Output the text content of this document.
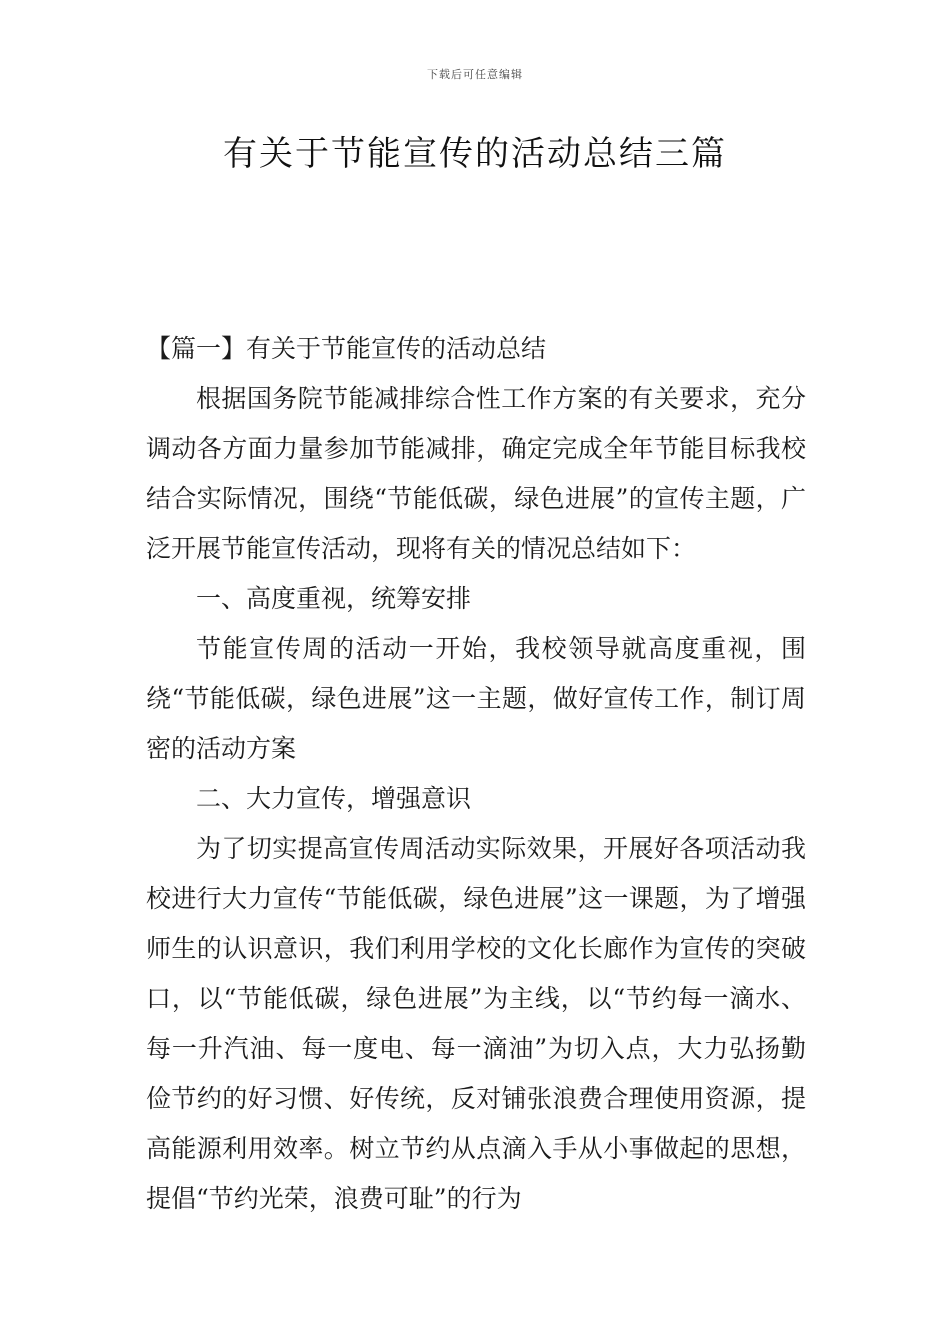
下载后可任意编辑
有关于节能宣传的活动总结三篇

【篇一】有关于节能宣传的活动总结

根据国务院节能减排综合性工作方案的有关要求，充分调动各方面力量参加节能减排，确定完成全年节能目标我校结合实际情况，围绕“节能低碳，绿色进展”的宣传主题，广泛开展节能宣传活动，现将有关的情况总结如下：

一、高度重视，统筹安排

节能宣传周的活动一开始，我校领导就高度重视，围绕“节能低碳，绿色进展”这一主题，做好宣传工作，制订周密的活动方案

二、大力宣传，增强意识

为了切实提高宣传周活动实际效果，开展好各项活动我校进行大力宣传“节能低碳，绿色进展”这一课题，为了增强师生的认识意识，我们利用学校的文化长廊作为宣传的突破口，以“节能低碳，绿色进展”为主线，以“节约每一滴水、每一升汽油、每一度电、每一滴油”为切入点，大力弘扬勤俭节约的好习惯、好传统，反对铺张浪费合理使用资源，提高能源利用效率。树立节约从点滴入手从小事做起的思想，提倡“节约光荣，浪费可耻”的行为
